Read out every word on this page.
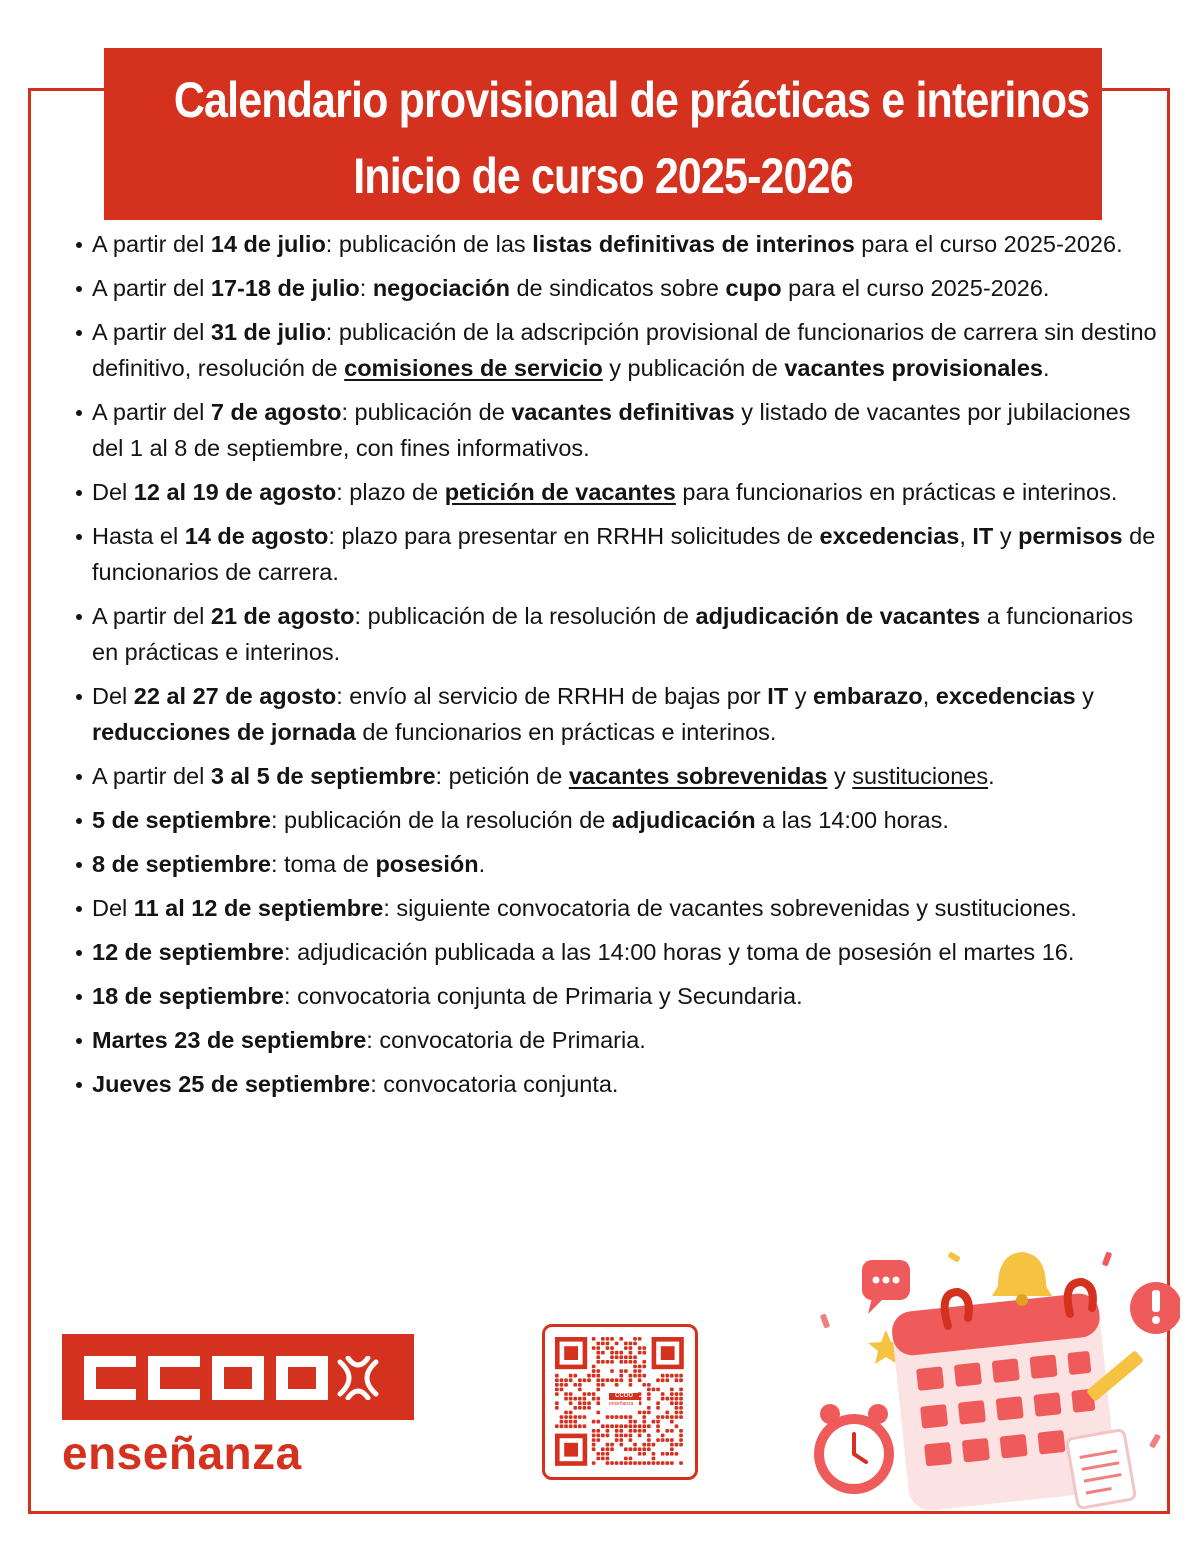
Calendario provisional de prácticas e interinos
Inicio de curso 2025-2026
A partir del 14 de julio: publicación de las listas definitivas de interinos para el curso 2025-2026.
A partir del 17-18 de julio: negociación de sindicatos sobre cupo para el curso 2025-2026.
A partir del 31 de julio: publicación de la adscripción provisional de funcionarios de carrera sin destino definitivo, resolución de comisiones de servicio y publicación de vacantes provisionales.
A partir del 7 de agosto: publicación de vacantes definitivas y listado de vacantes por jubilaciones del 1 al 8 de septiembre, con fines informativos.
Del 12 al 19 de agosto: plazo de petición de vacantes para funcionarios en prácticas e interinos.
Hasta el 14 de agosto: plazo para presentar en RRHH solicitudes de excedencias, IT y permisos de funcionarios de carrera.
A partir del 21 de agosto: publicación de la resolución de adjudicación de vacantes a funcionarios en prácticas e interinos.
Del 22 al 27 de agosto: envío al servicio de RRHH de bajas por IT y embarazo, excedencias y reducciones de jornada de funcionarios en prácticas e interinos.
A partir del 3 al 5 de septiembre: petición de vacantes sobrevenidas y sustituciones.
5 de septiembre: publicación de la resolución de adjudicación a las 14:00 horas.
8 de septiembre: toma de posesión.
Del 11 al 12 de septiembre: siguiente convocatoria de vacantes sobrevenidas y sustituciones.
12 de septiembre: adjudicación publicada a las 14:00 horas y toma de posesión el martes 16.
18 de septiembre: convocatoria conjunta de Primaria y Secundaria.
Martes 23 de septiembre: convocatoria de Primaria.
Jueves 25 de septiembre: convocatoria conjunta.
enseñanza
CCOO
enseñanza
